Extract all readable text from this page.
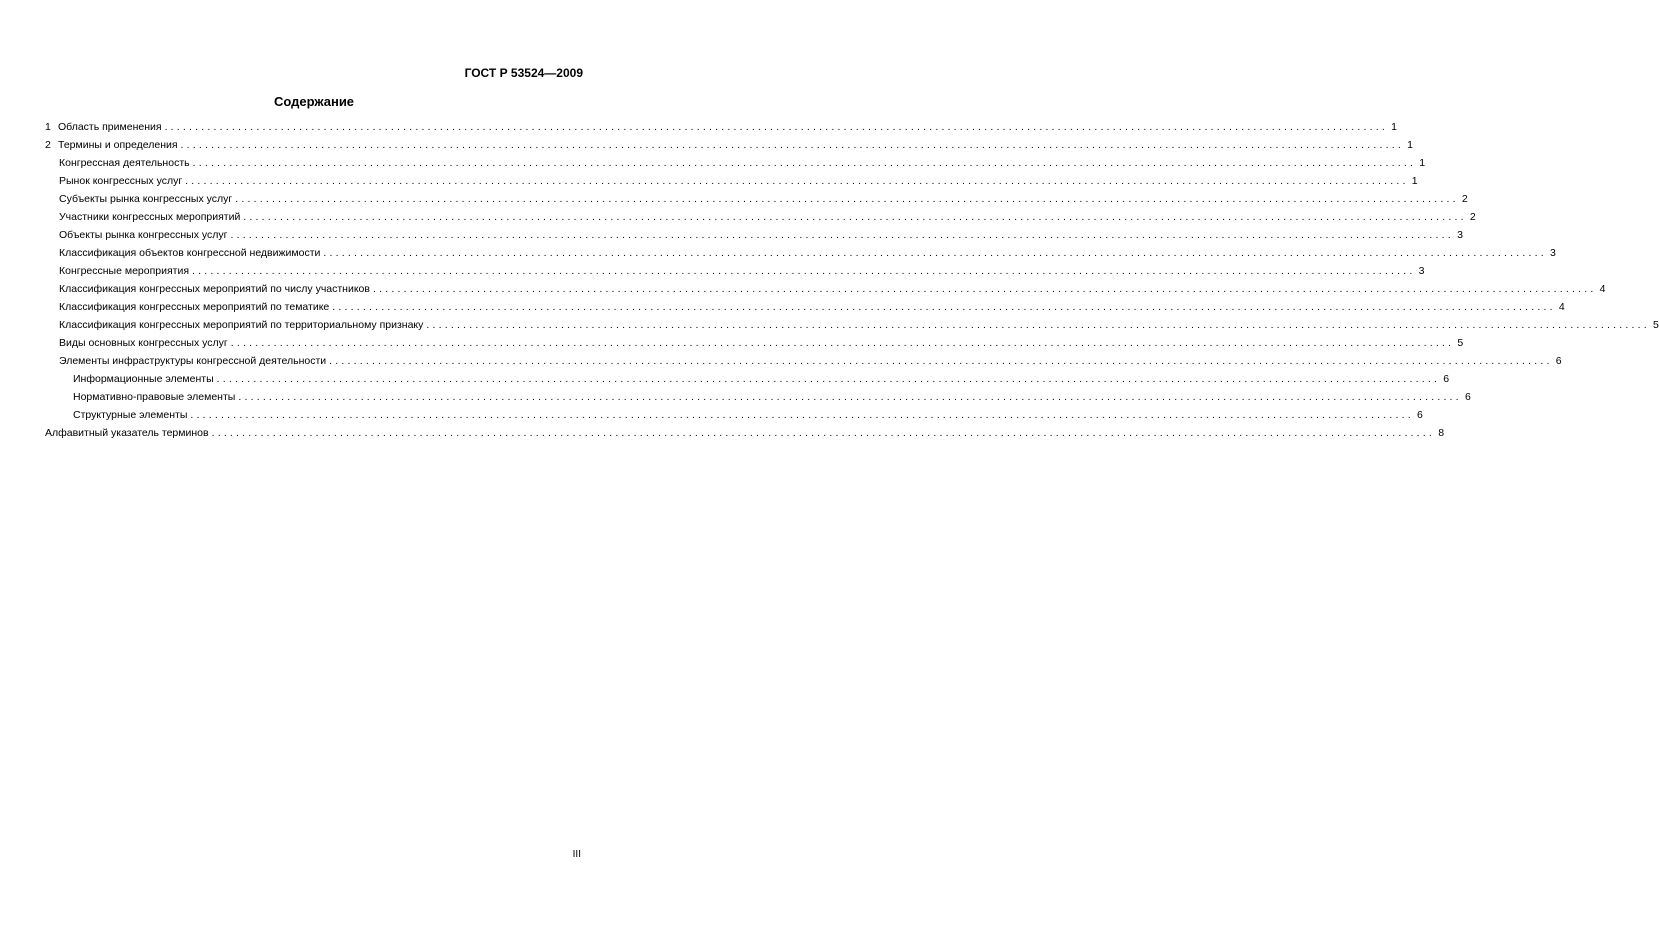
ГОСТ Р 53524—2009
Содержание
1 Область применения ........................................................................................................................................................................................................ 1
2 Термины и определения ........................................................................................................................................................................................................ 1
Конгрессная деятельность ........................................................................................................................................................................................................ 1
Рынок конгрессных услуг ........................................................................................................................................................................................................ 1
Субъекты рынка конгрессных услуг ........................................................................................................................................................................................................ 2
Участники конгрессных мероприятий ........................................................................................................................................................................................................ 2
Объекты рынка конгрессных услуг ........................................................................................................................................................................................................ 3
Классификация объектов конгрессной недвижимости ........................................................................................................................................................................................................ 3
Конгрессные мероприятия ........................................................................................................................................................................................................ 3
Классификация конгрессных мероприятий по числу участников ........................................................................................................................................................................................................ 4
Классификация конгрессных мероприятий по тематике ........................................................................................................................................................................................................ 4
Классификация конгрессных мероприятий по территориальному признаку ........................................................................................................................................................................................................ 5
Виды основных конгрессных услуг ........................................................................................................................................................................................................ 5
Элементы инфраструктуры конгрессной деятельности ........................................................................................................................................................................................................ 6
Информационные элементы ........................................................................................................................................................................................................ 6
Нормативно-правовые элементы ........................................................................................................................................................................................................ 6
Структурные элементы ........................................................................................................................................................................................................ 6
Алфавитный указатель терминов ........................................................................................................................................................................................................ 8
III
